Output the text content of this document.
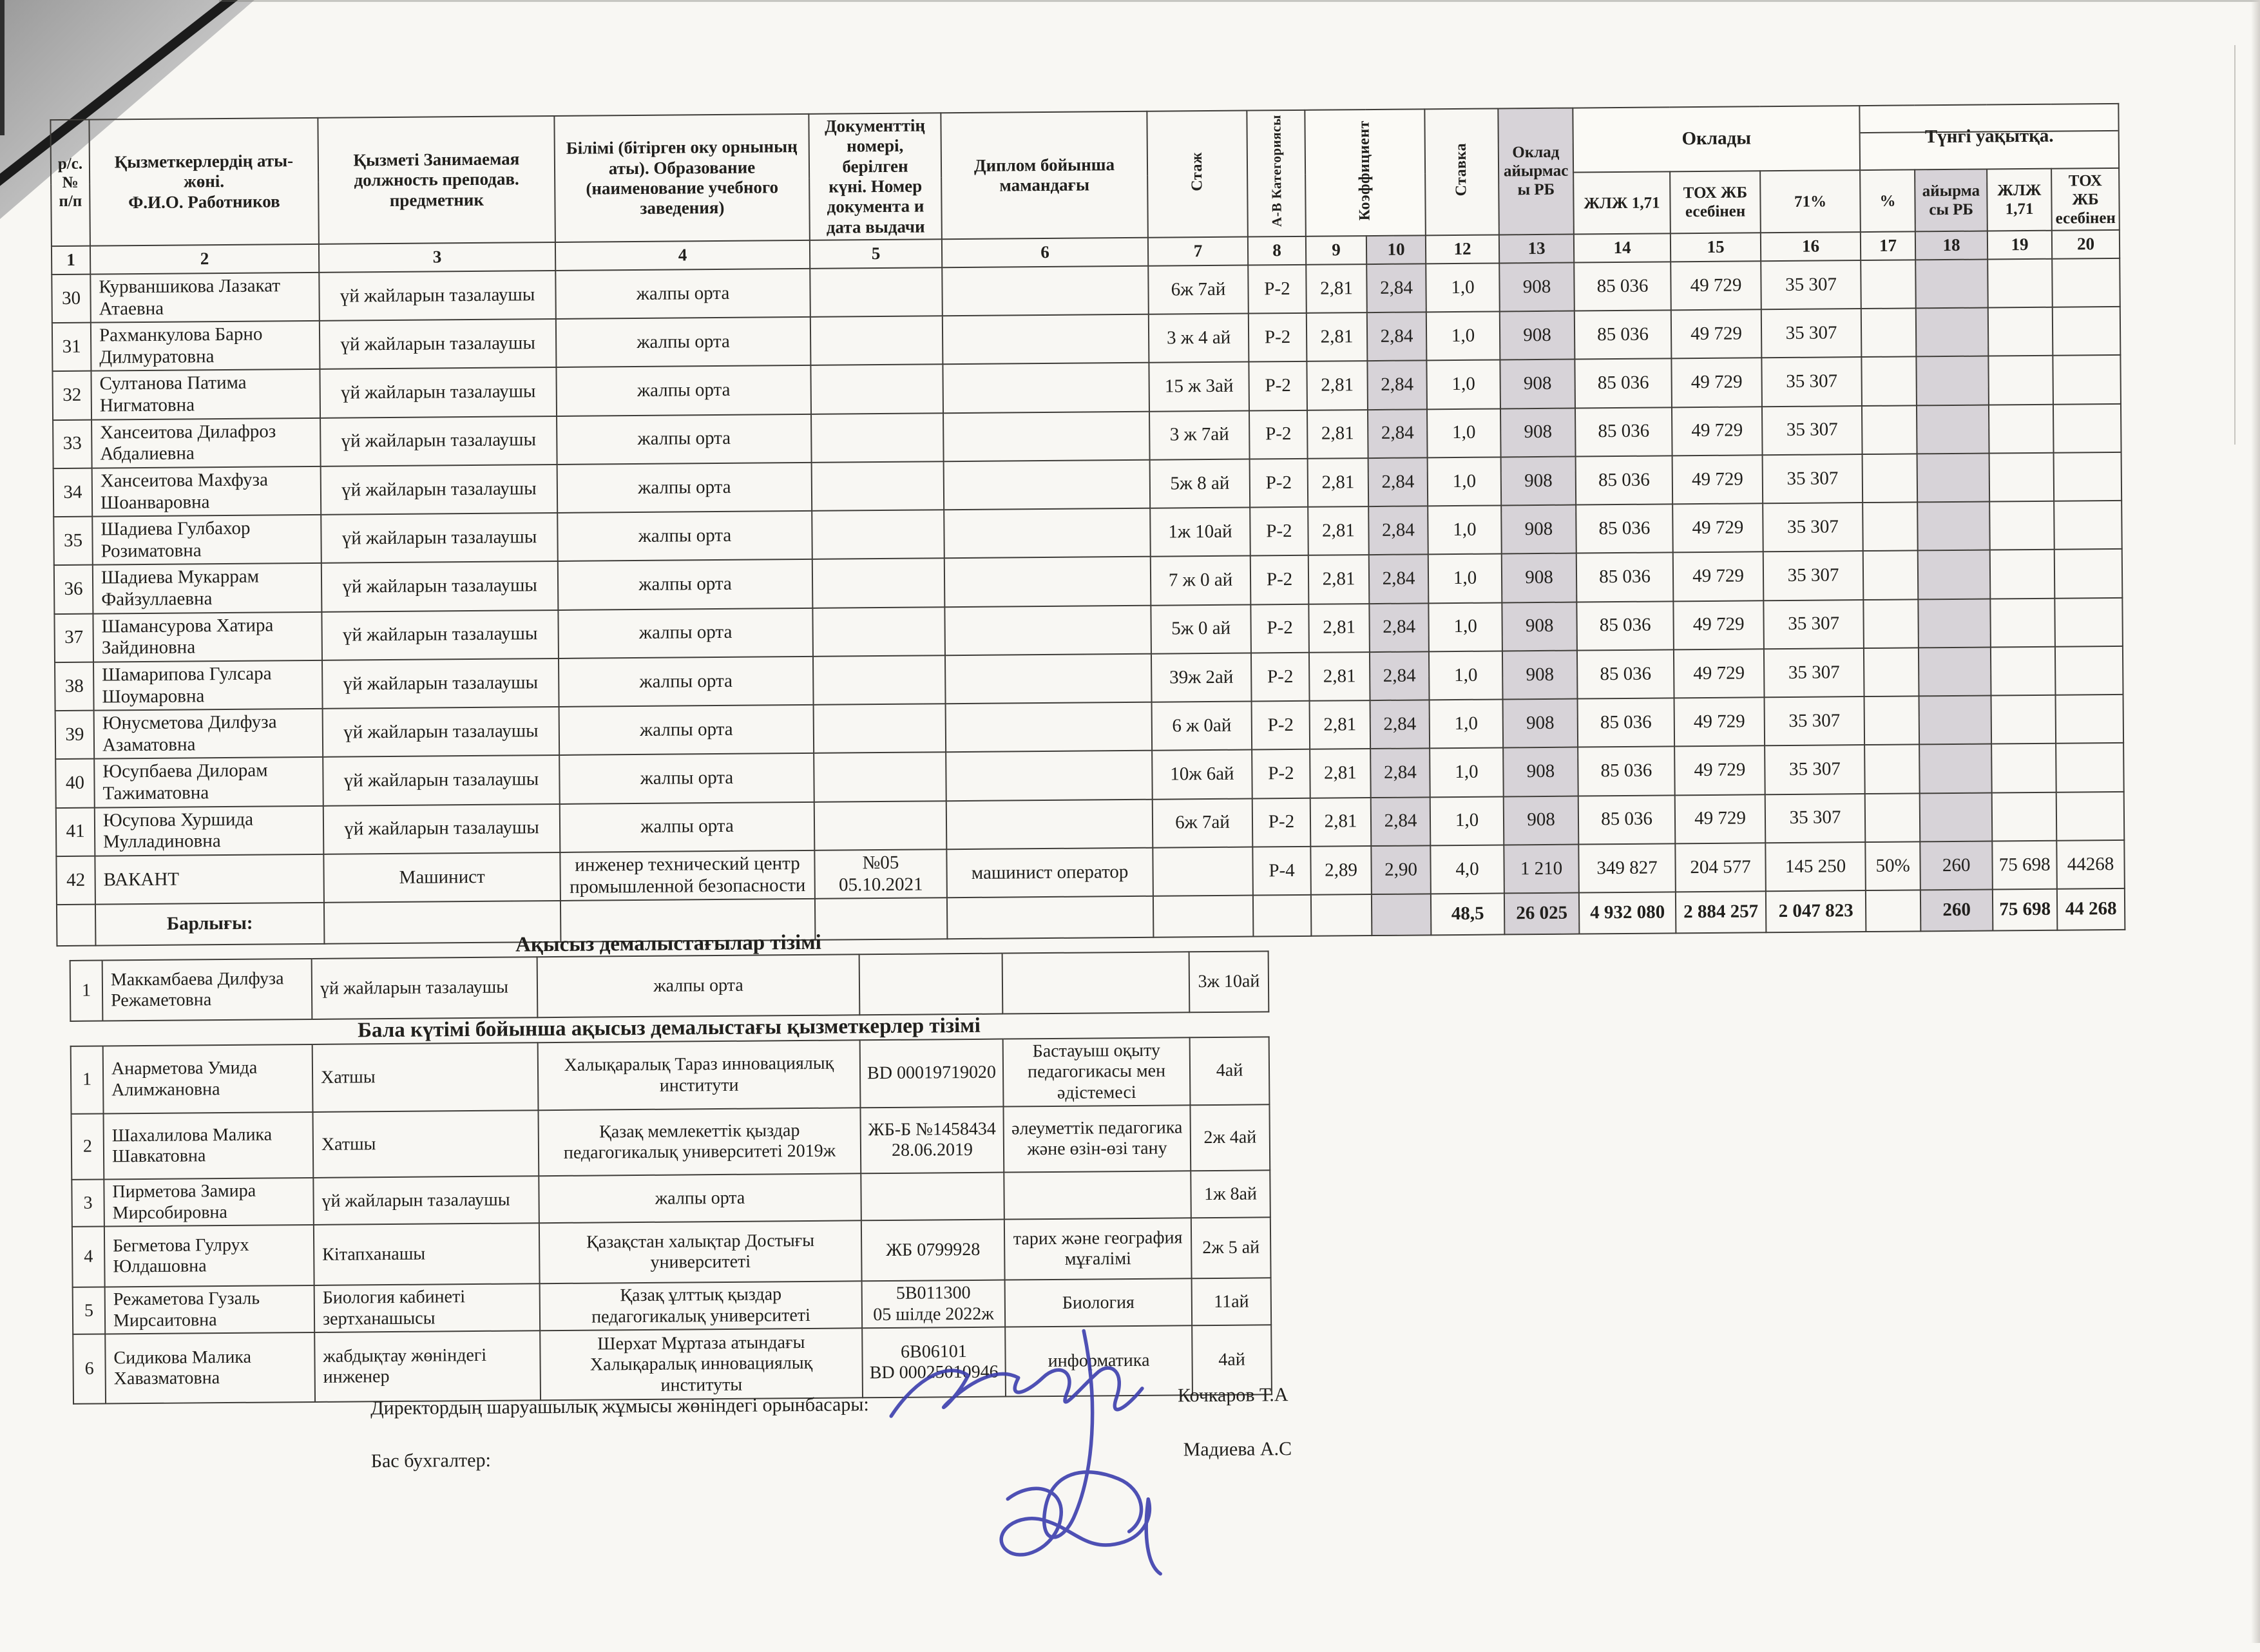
р/с.№
п/п	Қызметкерлердің аты-
жөні.
Ф.И.О. Работников	Қызметі Занимаемая
должность преподав.
предметник	Білімі (бітірген оку орнының
аты). Образование
(наименование учебного
заведения)	Документтің
номері, берілген
күні. Номер
документа и
дата выдачи	Диплом бойынша
мамандағы	Стаж	А-В Категориясы	Коэффициент		Ставка	Оклад
айырмас
ы РБ	Оклады			Түнгі уақытқа.			
												ЖЛЖ 1,71	ТОХ ЖБ
есебінен	71%	%	айырма
сы РБ	ЖЛЖ
1,71	ТОХ ЖБ
есебінен
1	2	3	4	5	6	7	8	9	10	12	13	14	15	16	17	18	19	20
30	Курваншикова Лазакат
Атаевна	үй жайларын тазалаушы	жалпы орта			6ж 7ай	Р-2	2,81	2,84	1,0	908	85 036	49 729	35 307				
31	Рахманкулова Барно
Дилмуратовна	үй жайларын тазалаушы	жалпы орта			3 ж 4 ай	Р-2	2,81	2,84	1,0	908	85 036	49 729	35 307				
32	Султанова Патима
Нигматовна	үй жайларын тазалаушы	жалпы орта			15 ж 3ай	Р-2	2,81	2,84	1,0	908	85 036	49 729	35 307				
33	Хансеитова Дилафроз
Абдалиевна	үй жайларын тазалаушы	жалпы орта			3 ж 7ай	Р-2	2,81	2,84	1,0	908	85 036	49 729	35 307				
34	Хансеитова Махфуза
Шоанваровна	үй жайларын тазалаушы	жалпы орта			5ж 8 ай	Р-2	2,81	2,84	1,0	908	85 036	49 729	35 307				
35	Шадиева Гулбахор
Розиматовна	үй жайларын тазалаушы	жалпы орта			1ж 10ай	Р-2	2,81	2,84	1,0	908	85 036	49 729	35 307				
36	Шадиева Мукаррам
Файзуллаевна	үй жайларын тазалаушы	жалпы орта			7 ж 0 ай	Р-2	2,81	2,84	1,0	908	85 036	49 729	35 307				
37	Шамансурова Хатира
Зайдиновна	үй жайларын тазалаушы	жалпы орта			5ж 0 ай	Р-2	2,81	2,84	1,0	908	85 036	49 729	35 307				
38	Шамарипова Гулсара
Шоумаровна	үй жайларын тазалаушы	жалпы орта			39ж 2ай	Р-2	2,81	2,84	1,0	908	85 036	49 729	35 307				
39	Юнусметова Дилфуза
Азаматовна	үй жайларын тазалаушы	жалпы орта			6 ж 0ай	Р-2	2,81	2,84	1,0	908	85 036	49 729	35 307				
40	Юсупбаева Дилорам
Тажиматовна	үй жайларын тазалаушы	жалпы орта			10ж 6ай	Р-2	2,81	2,84	1,0	908	85 036	49 729	35 307				
41	Юсупова Хуршида
Мулладиновна	үй жайларын тазалаушы	жалпы орта			6ж 7ай	Р-2	2,81	2,84	1,0	908	85 036	49 729	35 307				
42	ВАКАНТ	Машинист	инженер технический центр
промышленной безопасности	№05
05.10.2021	машинист оператор		Р-4	2,89	2,90	4,0	1 210	349 827	204 577	145 250	50%	260	75 698	44268
	Барлығы:									48,5	26 025	4 932 080	2 884 257	2 047 823		260	75 698	44 268
Ақысыз демалыстағылар тізімі
1	Маккамбаева Дилфуза
Режаметовна	үй жайларын тазалаушы	жалпы орта			3ж 10ай
Бала күтімі бойынша ақысыз демалыстағы қызметкерлер тізімі
1	Анарметова Умида
Алимжановна	Хатшы	Халықаралық Тараз инновациялық
институти	BD 00019719020	Бастауыш оқыту
педагогикасы мен
әдістемесі	4ай
2	Шахалилова Малика
Шавкатовна	Хатшы	Қазақ мемлекеттік қыздар
педагогикалық университеті 2019ж	ЖБ-Б №1458434
28.06.2019	әлеуметтік педагогика
және өзін-өзі тану	2ж 4ай
3	Пирметова Замира
Мирсобировна	үй жайларын тазалаушы	жалпы орта			1ж 8ай
4	Бегметова Гулрух
Юлдашовна	Кітапханашы	Қазақстан халықтар Достығы
университеті	ЖБ 0799928	тарих және география
мұғалімі	2ж 5 ай
5	Режаметова Гузаль
Мирсаитовна	Биология кабинеті
зертханашысы	Қазақ ұлттық қыздар
педагогикалық университеті	5В011300
05 шілде 2022ж	Биология	11ай
6	Сидикова Малика
Хавазматовна	жабдықтау жөніндегі инженер	Шерхат Мұртаза атындағы
Халықаралық инновациялық
институты	6В06101
BD 00025010946	информатика	4ай
Директордың шаруашылық жұмысы жөніндегі орынбасары:
Бас бухгалтер:
Кочкаров Т.А
Мадиева А.С
